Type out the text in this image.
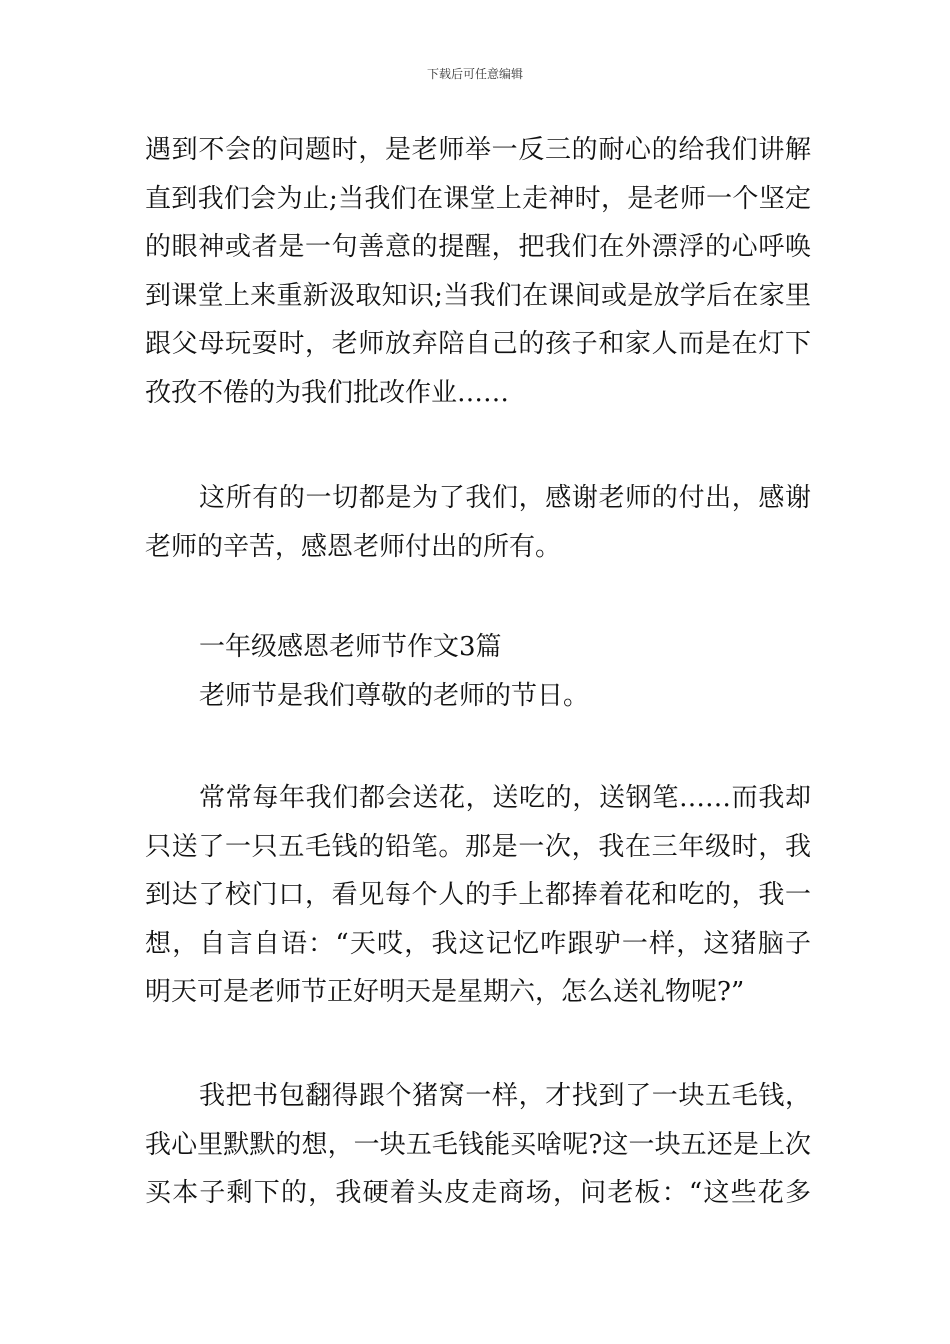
下载后可任意编辑
遇到不会的问题时，是老师举一反三的耐心的给我们讲解
直到我们会为止;当我们在课堂上走神时，是老师一个坚定
的眼神或者是一句善意的提醒，把我们在外漂浮的心呼唤
到课堂上来重新汲取知识;当我们在课间或是放学后在家里
跟父母玩耍时，老师放弃陪自己的孩子和家人而是在灯下
孜孜不倦的为我们批改作业……
这所有的一切都是为了我们，感谢老师的付出，感谢
老师的辛苦，感恩老师付出的所有。
一年级感恩老师节作文3篇
老师节是我们尊敬的老师的节日。
常常每年我们都会送花，送吃的，送钢笔……而我却
只送了一只五毛钱的铅笔。那是一次，我在三年级时，我
到达了校门口，看见每个人的手上都捧着花和吃的，我一
想，自言自语：“天哎，我这记忆咋跟驴一样，这猪脑子
明天可是老师节正好明天是星期六，怎么送礼物呢?”
我把书包翻得跟个猪窝一样，才找到了一块五毛钱，
我心里默默的想，一块五毛钱能买啥呢?这一块五还是上次
买本子剩下的，我硬着头皮走商场，问老板：“这些花多
